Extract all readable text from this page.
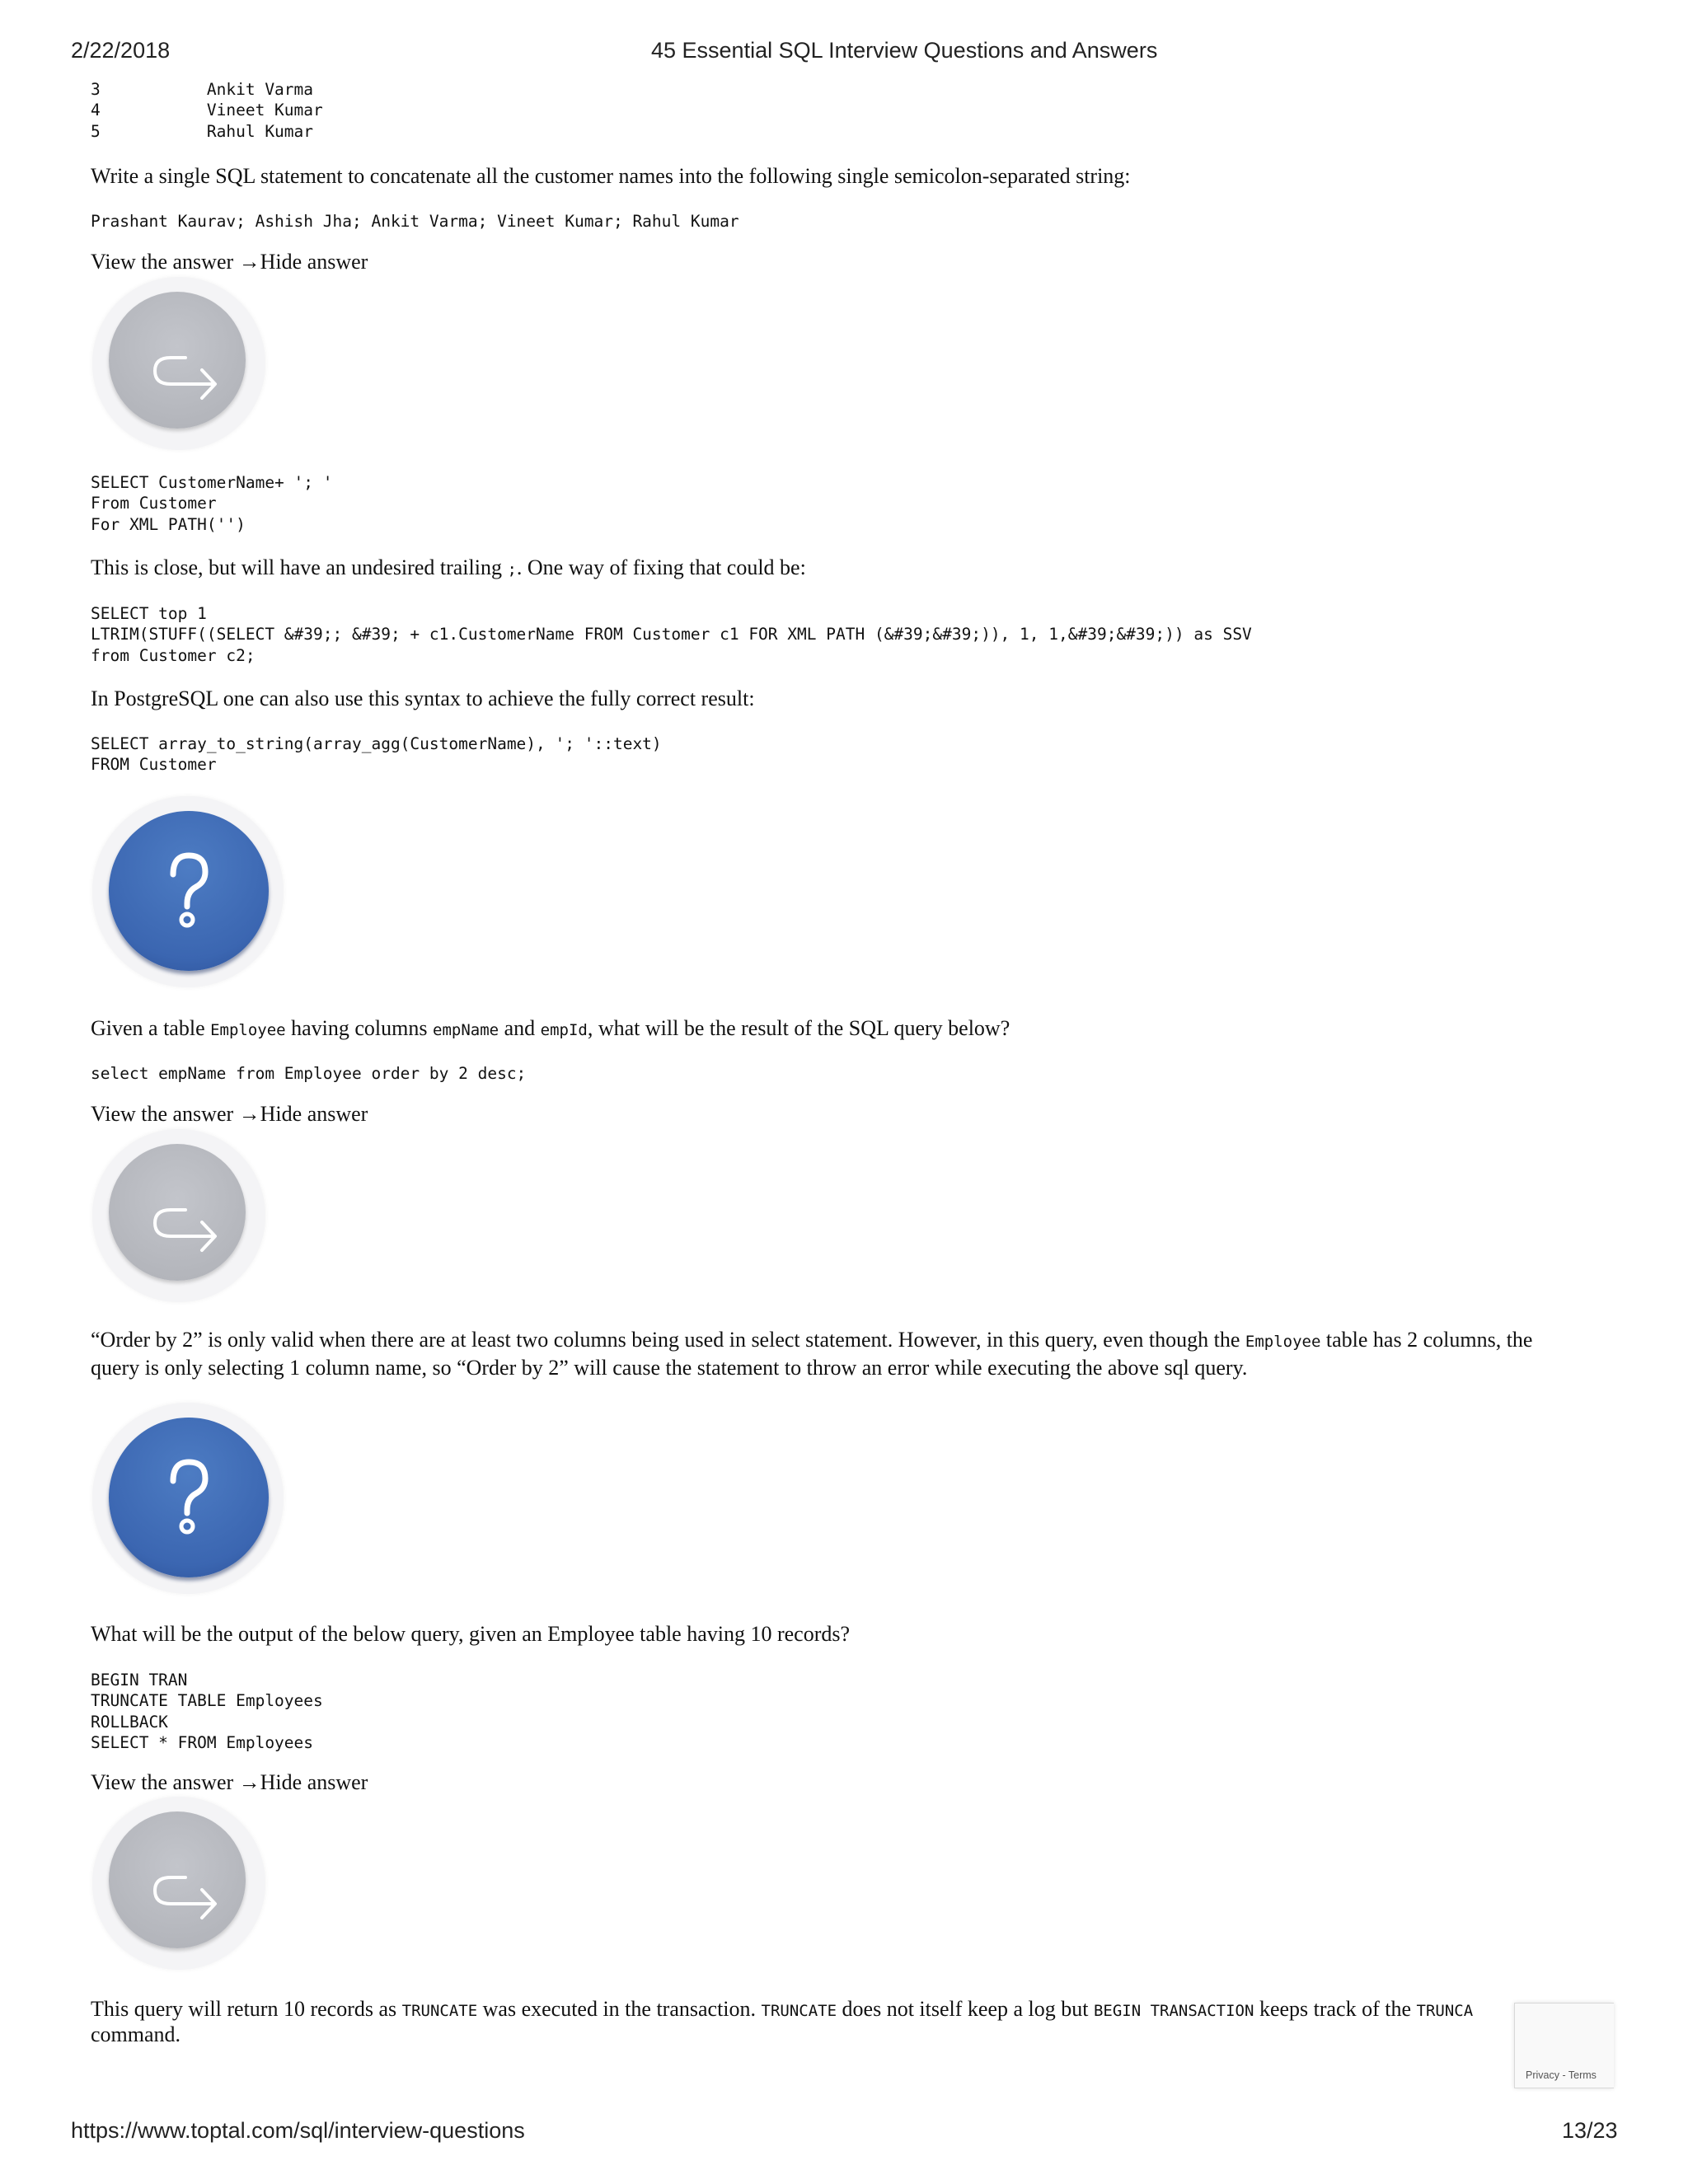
2/22/2018	45 Essential SQL Interview Questions and Answers
3           Ankit Varma
4           Vineet Kumar
5           Rahul Kumar

Write a single SQL statement to concatenate all the customer names into the following single semicolon-separated string:

Prashant Kaurav; Ashish Jha; Ankit Varma; Vineet Kumar; Rahul Kumar
View the answer →Hide answer
SELECT CustomerName+ '; '
From Customer
For XML PATH('')

This is close, but will have an undesired trailing ;. One way of fixing that could be:

SELECT top 1
LTRIM(STUFF((SELECT &#39;; &#39; + c1.CustomerName FROM Customer c1 FOR XML PATH (&#39;&#39;)), 1, 1,&#39;&#39;)) as SSV
from Customer c2;

In PostgreSQL one can also use this syntax to achieve the fully correct result:

SELECT array_to_string(array_agg(CustomerName), '; '::text)
FROM Customer

Given a table Employee having columns empName and empId, what will be the result of the SQL query below?

select empName from Employee order by 2 desc;
View the answer →Hide answer

“Order by 2” is only valid when there are at least two columns being used in select statement. However, in this query, even though the Employee table has 2 columns, the query is only selecting 1 column name, so “Order by 2” will cause the statement to throw an error while executing the above sql query.

What will be the output of the below query, given an Employee table having 10 records?

BEGIN TRAN
TRUNCATE TABLE Employees
ROLLBACK
SELECT * FROM Employees
View the answer →Hide answer

This query will return 10 records as TRUNCATE was executed in the transaction. TRUNCATE does not itself keep a log but BEGIN TRANSACTION keeps track of the TRUNCA

command.

Privacy - Terms
https://www.toptal.com/sql/interview-questions	13/23
